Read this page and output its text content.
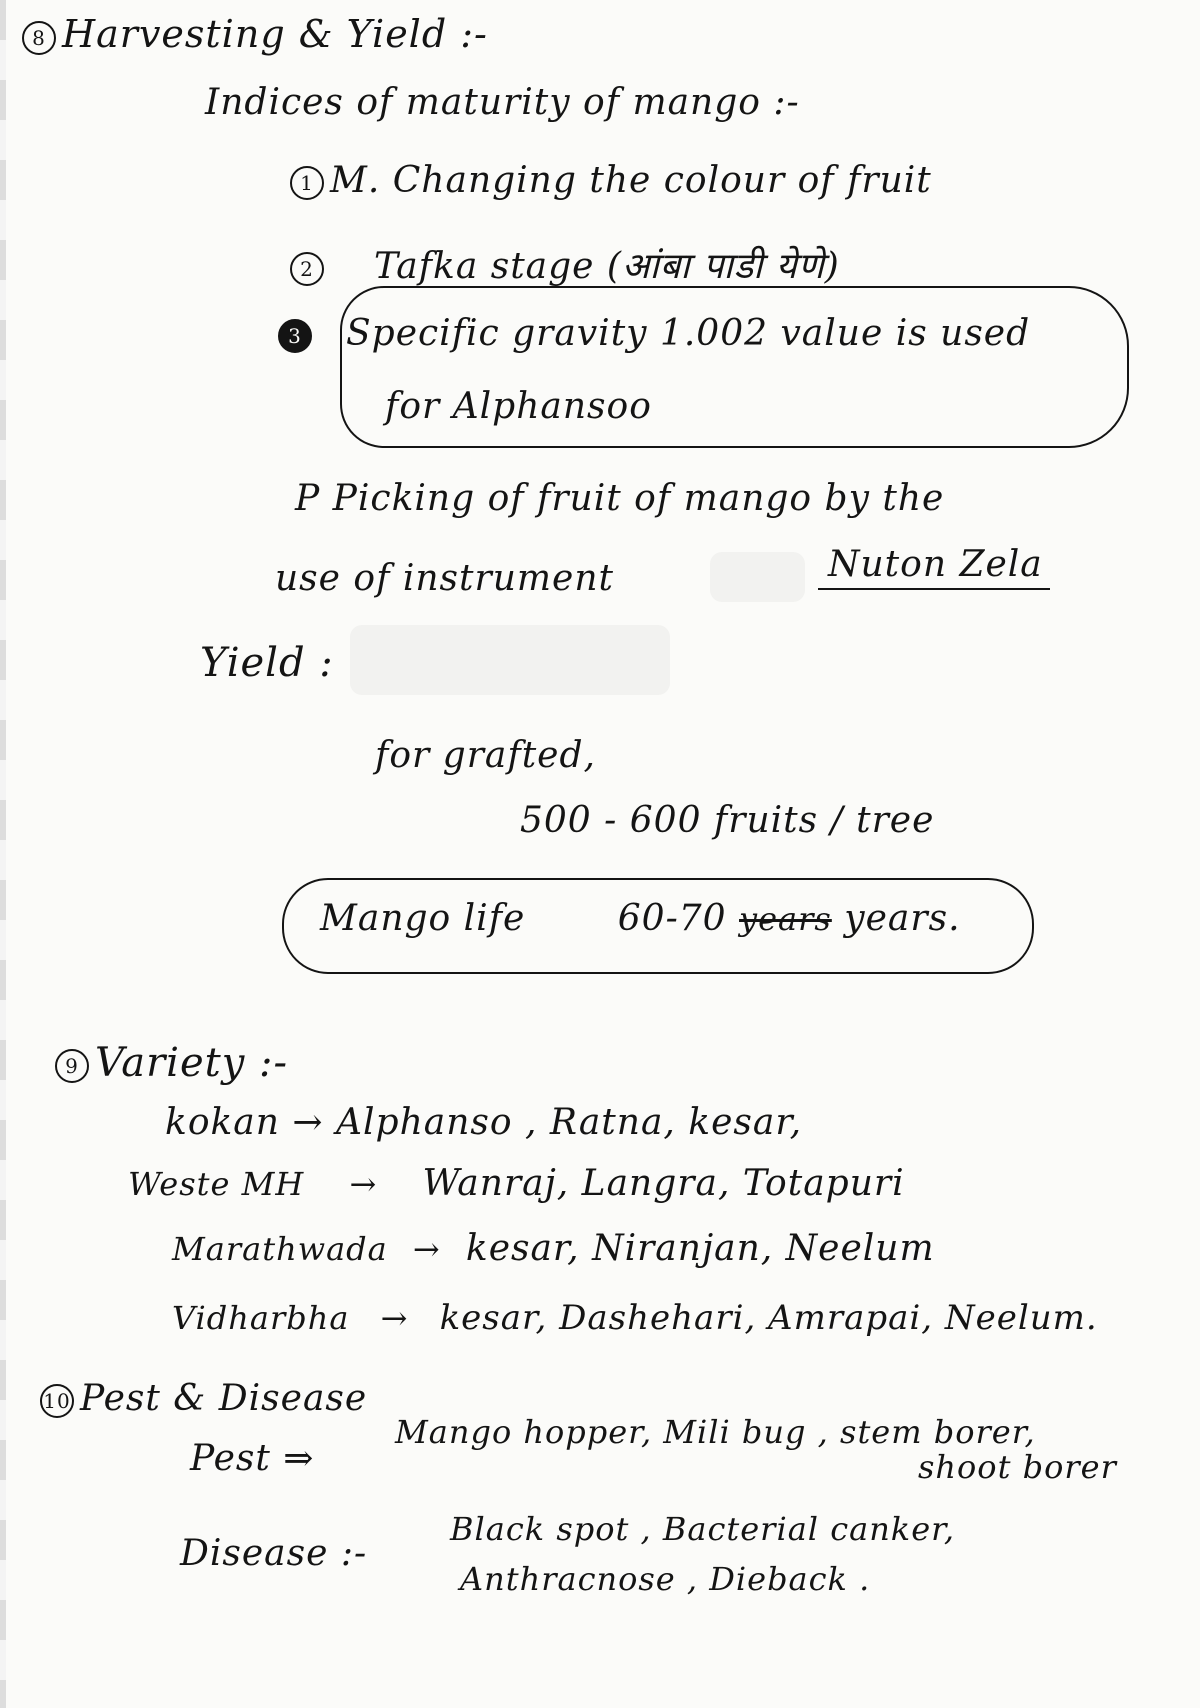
8 Harvesting & Yield :-
Indices of maturity of mango :-
1 M. Changing the colour of fruit
2 Tafka stage (आंबा पाडी येणे)
3 Specific gravity 1.002 value is used
for Alphansoo
P Picking of fruit of mango by the
use of instrument	Nuton Zela
Yield :
for grafted,
500 - 600 fruits / tree
Mango life	60-70 years years.
9 Variety :-
kokan → Alphanso , Ratna, kesar,
Weste MH → Wanraj, Langra, Totapuri
Marathwada → kesar, Niranjan, Neelum
Vidharbha → kesar, Dashehari, Amrapai, Neelum.
10 Pest & Disease
Pest ⇒
Mango hopper, Mili bug , stem borer,
shoot borer
Disease :-
Black spot , Bacterial canker,
Anthracnose , Dieback .
